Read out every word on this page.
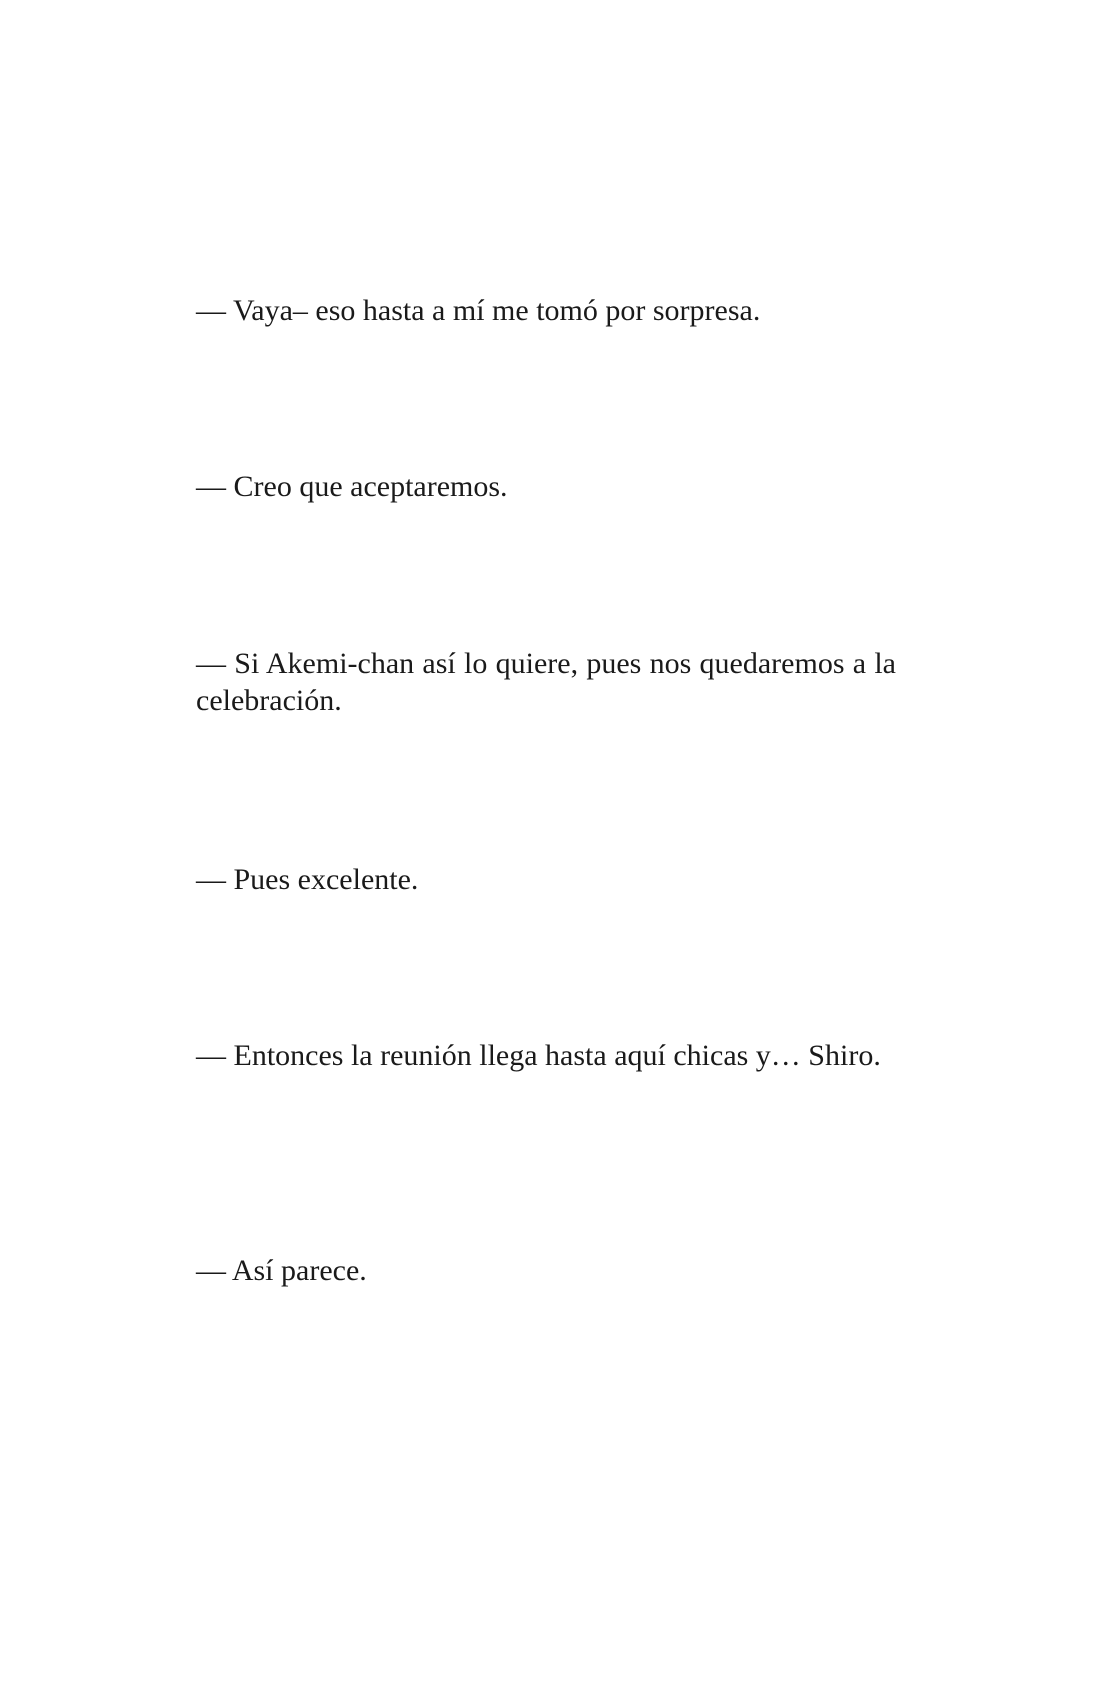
— Vaya– eso hasta a mí me tomó por sorpresa.

— Creo que aceptaremos.

— Si Akemi-chan así lo quiere, pues nos quedaremos a la celebración.

— Pues excelente.

— Entonces la reunión llega hasta aquí chicas y… Shiro.

— Así parece.
